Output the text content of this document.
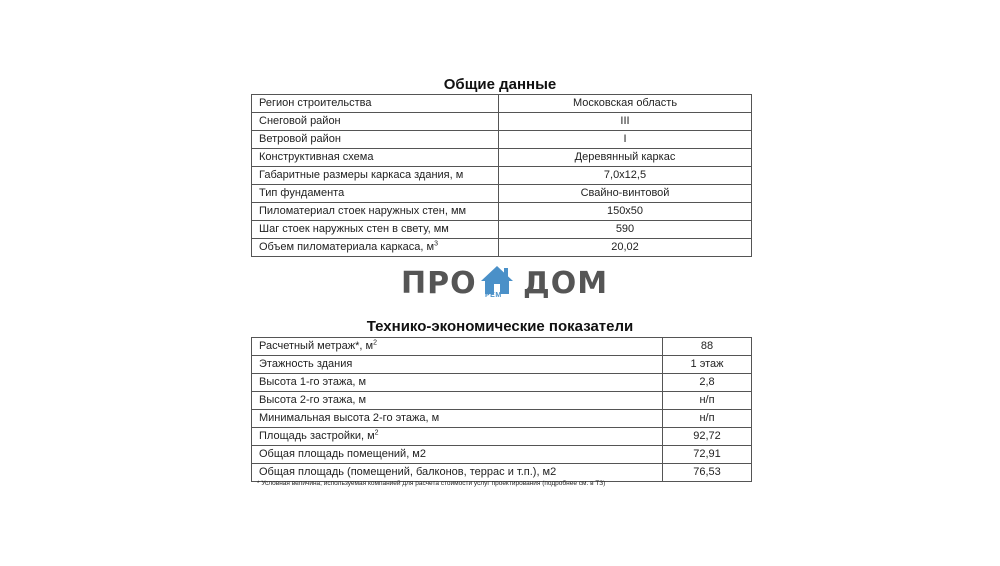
Общие данные
Регион строительства	Московская область
Снеговой район	III
Ветровой район	I
Конструктивная схема	Деревянный каркас
Габаритные размеры каркаса здания, м	7,0х12,5
Тип фундамента	Свайно-винтовой
Пиломатериал стоек наружных стен, мм	150х50
Шаг стоек наружных стен в свету, мм	590
Объем пиломатериала каркаса, $м^3$	20,02
ПРО РЕМ ДОМ
Технико-экономические показатели
Расчетный метраж*, $м^2$	88
Этажность здания	1 этаж
Высота 1-го этажа, м	2,8
Высота 2-го этажа, м	н/п
Минимальная высота 2-го этажа, м	н/п
Площадь застройки, $м^2$	92,72
Общая площадь помещений, м2	72,91
Общая площадь (помещений, балконов, террас и т.п.), м2	76,53
* Условная величина, используемая компанией для расчета стоимости услуг проектирования (подробнее см. в ТЗ)
